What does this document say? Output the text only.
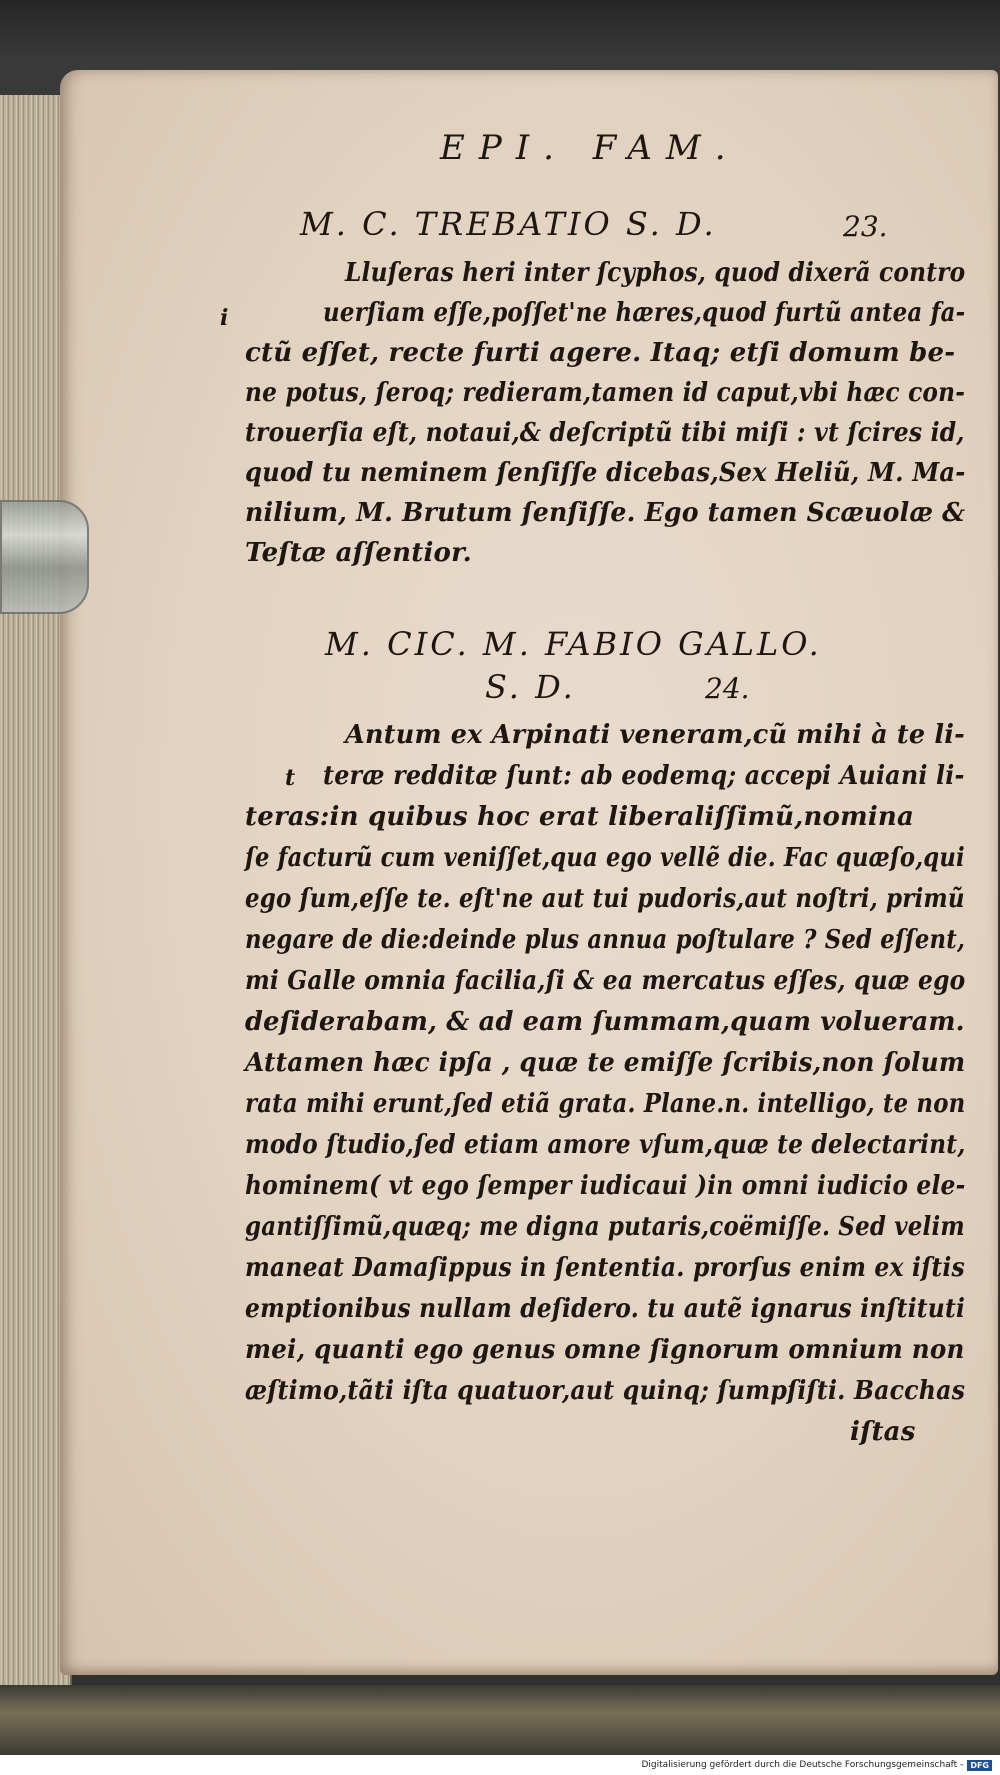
EPI. FAM.
M. C. TREBATIO S. D.	23.
i
Lluſeras heri inter ſcyphos, quod dixerã contro
uerſiam eſſe,poſſet'ne hæres,quod furtũ antea fa-
ctũ eſſet, recte furti agere. Itaq; etſi domum be-
ne potus, ſeroq; redieram,tamen id caput,vbi hæc con-
trouerſia eſt, notaui,& deſcriptũ tibi miſi : vt ſcires id,
quod tu neminem ſenſiſſe dicebas,Sex Heliũ, M. Ma-
nilium, M. Brutum ſenſiſſe. Ego tamen Scæuolæ &
Teſtæ aſſentior.
M. CIC. M. FABIO GALLO.
S. D.	24.
t
Antum ex Arpinati veneram,cũ mihi à te li-
teræ redditæ ſunt: ab eodemq; accepi Auiani li-
teras:in quibus hoc erat liberaliſſimũ,nomina
ſe facturũ cum veniſſet,qua ego vellẽ die. Fac quæſo,qui
ego ſum,eſſe te. eſt'ne aut tui pudoris,aut noſtri, primũ
negare de die:deinde plus annua poſtulare ? Sed eſſent,
mi Galle omnia facilia,ſi & ea mercatus eſſes, quæ ego
deſiderabam, & ad eam ſummam,quam volueram.
Attamen hæc ipſa , quæ te emiſſe ſcribis,non ſolum
rata mihi erunt,ſed etiã grata. Plane.n. intelligo, te non
modo ſtudio,ſed etiam amore vſum,quæ te delectarint,
hominem( vt ego ſemper iudicaui )in omni iudicio ele-
gantiſſimũ,quæq; me digna putaris,coëmiſſe. Sed velim
maneat Damaſippus in ſententia. prorſus enim ex iſtis
emptionibus nullam deſidero. tu autẽ ignarus inſtituti
mei, quanti ego genus omne ſignorum omnium non
æſtimo,tãti iſta quatuor,aut quinq; ſumpſiſti. Bacchas
iſtas
Digitalisierung gefördert durch die Deutsche Forschungsgemeinschaft - DFG
